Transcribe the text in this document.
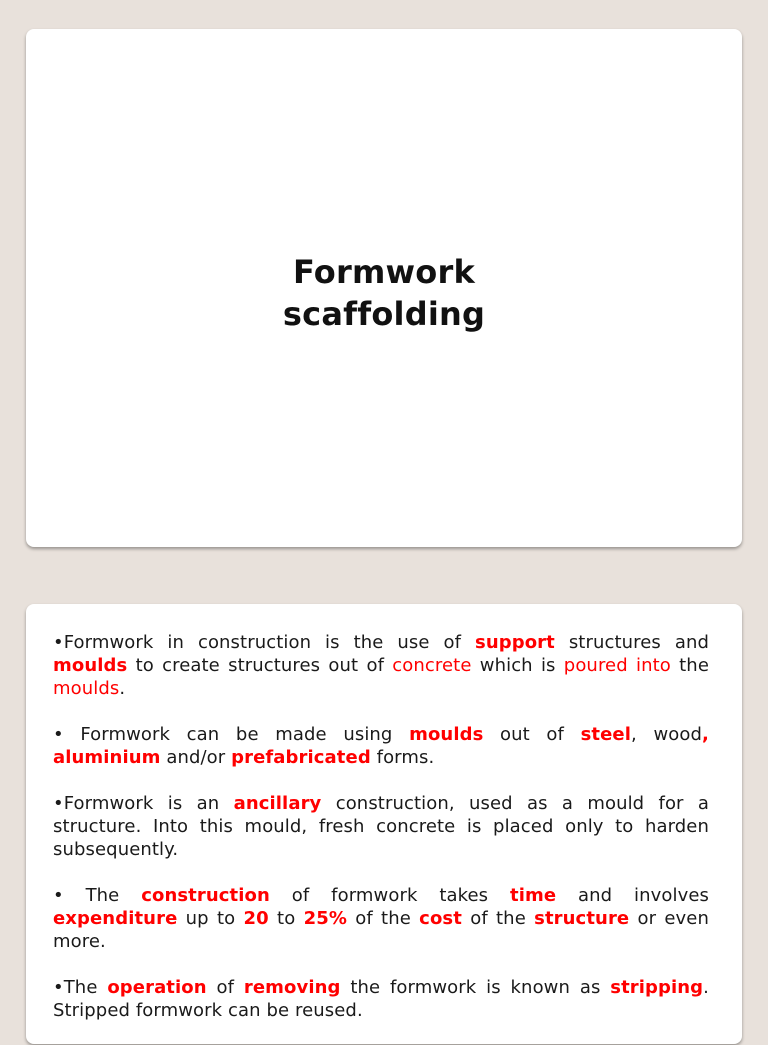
Formwork
scaffolding

•Formwork in construction is the use of support structures and moulds to create structures out of concrete which is poured into the moulds.

• Formwork can be made using moulds out of steel, wood, aluminium and/or prefabricated forms.

•Formwork is an ancillary construction, used as a mould for a structure. Into this mould, fresh concrete is placed only to harden subsequently.

• The construction of formwork takes time and involves expenditure up to 20 to 25% of the cost of the structure or even more.

•The operation of removing the formwork is known as stripping. Stripped formwork can be reused.
